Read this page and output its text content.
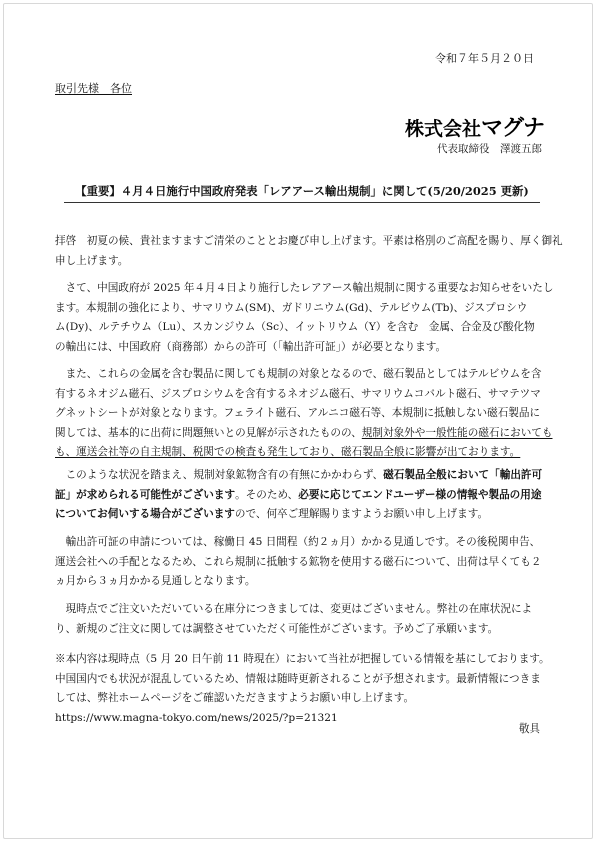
令和７年５月２０日
取引先様　各位
株式会社マグナ
代表取締役　澤渡五郎
【重要】４月４日施行中国政府発表「レアアース輸出規制」に関して(5/20/2025 更新)
拝啓　初夏の候、貴社ますますご清栄のこととお慶び申し上げます。平素は格別のご高配を賜り、厚く御礼
申し上げます。
　さて、中国政府が 2025 年４月４日より施行したレアアース輸出規制に関する重要なお知らせをいたし
ます。本規制の強化により、サマリウム(SM)、ガドリニウム(Gd)、テルビウム(Tb)、ジスプロシウ
ム(Dy)、ルテチウム（Lu）、スカンジウム（Sc）、イットリウム（Y）を含む　金属、合金及び酸化物
の輸出には、中国政府（商務部）からの許可（「輸出許可証」）が必要となります。
　また、これらの金属を含む製品に関しても規制の対象となるので、磁石製品としてはテルビウムを含
有するネオジム磁石、ジスプロシウムを含有するネオジム磁石、サマリウムコバルト磁石、サマテツマ
グネットシートが対象となります。フェライト磁石、アルニコ磁石等、本規制に抵触しない磁石製品に
関しては、基本的に出荷に問題無いとの見解が示されたものの、規制対象外や一般性能の磁石においても
も、運送会社等の自主規制、税関での検査も発生しており、磁石製品全般に影響が出ております。
　このような状況を踏まえ、規制対象鉱物含有の有無にかかわらず、磁石製品全般において「輸出許可
証」が求められる可能性がございます。そのため、必要に応じてエンドユーザー様の情報や製品の用途
についてお伺いする場合がございますので、何卒ご理解賜りますようお願い申し上げます。
　輸出許可証の申請については、稼働日 45 日間程（約２ヵ月）かかる見通しです。その後税関申告、
運送会社への手配となるため、これら規制に抵触する鉱物を使用する磁石について、出荷は早くても２
ヵ月から３ヵ月かかる見通しとなります。
　現時点でご注文いただいている在庫分につきましては、変更はございません。弊社の在庫状況によ
り、新規のご注文に関しては調整させていただく可能性がございます。予めご了承願います。
※本内容は現時点（5 月 20 日午前 11 時現在）において当社が把握している情報を基にしております。
中国国内でも状況が混乱しているため、情報は随時更新されることが予想されます。最新情報につきま
しては、弊社ホームページをご確認いただきますようお願い申し上げます。
https://www.magna-tokyo.com/news/2025/?p=21321
敬具
